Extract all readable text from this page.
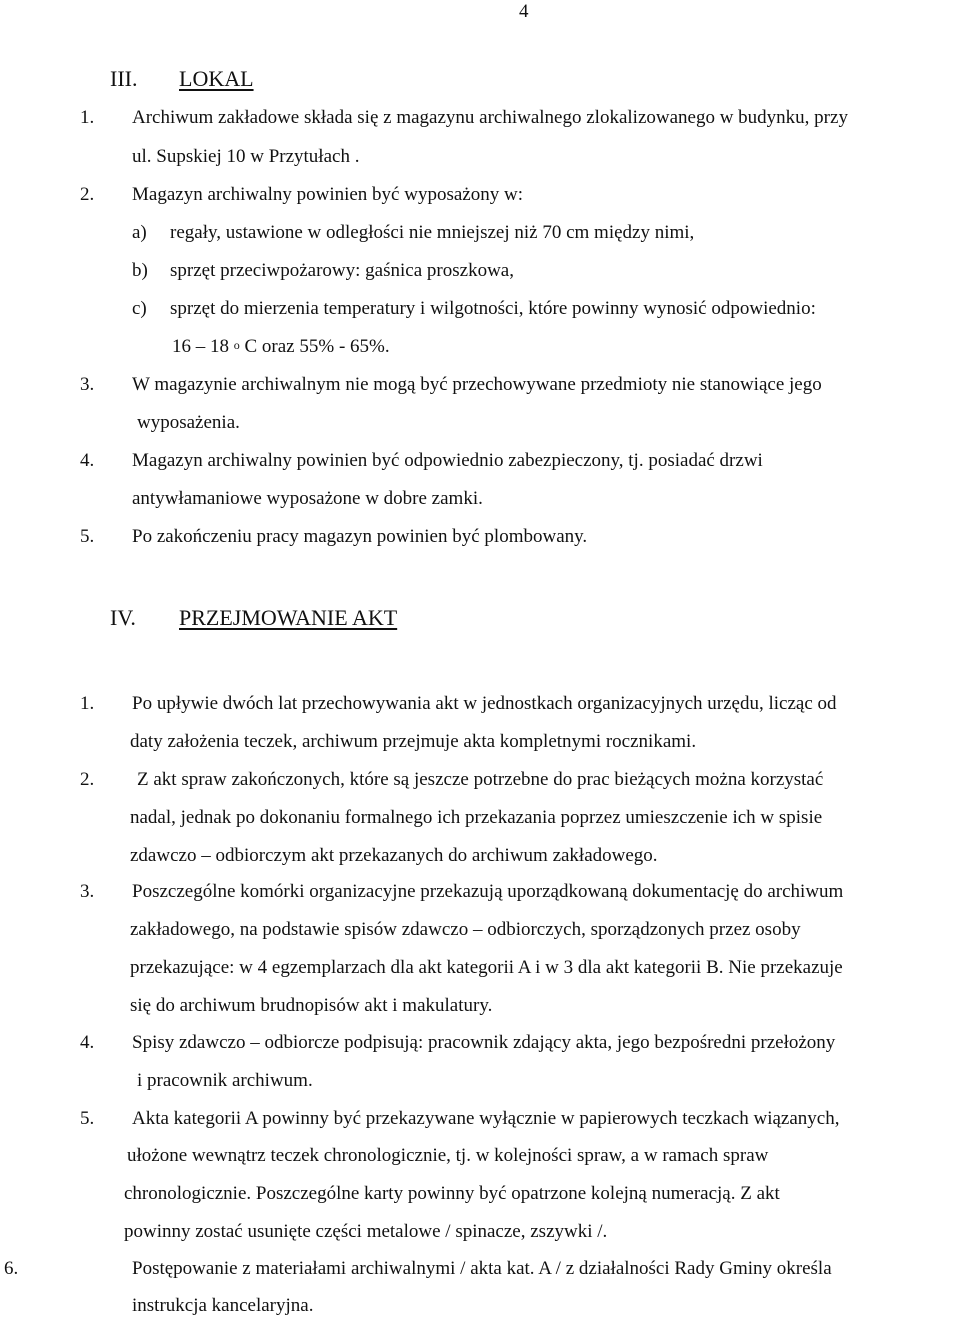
4
III. LOKAL
1. Archiwum zakładowe składa się z magazynu archiwalnego zlokalizowanego w budynku, przy
ul. Supskiej 10 w Przytułach .
2. Magazyn archiwalny powinien być wyposażony w:
a) regały, ustawione w odległości nie mniejszej niż 70 cm między nimi,
b) sprzęt przeciwpożarowy: gaśnica proszkowa,
c) sprzęt do mierzenia temperatury i wilgotności, które powinny wynosić odpowiednio:
16 – 18 $^o$ C oraz 55% - 65%.
3. W magazynie archiwalnym nie mogą być przechowywane przedmioty nie stanowiące jego
wyposażenia.
4. Magazyn archiwalny powinien być odpowiednio zabezpieczony, tj. posiadać drzwi
antywłamaniowe wyposażone w dobre zamki.
5. Po zakończeniu pracy magazyn powinien być plombowany.
IV. PRZEJMOWANIE AKT
1. Po upływie dwóch lat przechowywania akt w jednostkach organizacyjnych urzędu, licząc od
daty założenia teczek, archiwum przejmuje akta kompletnymi rocznikami.
2. Z akt spraw zakończonych, które są jeszcze potrzebne do prac bieżących można korzystać
nadal, jednak po dokonaniu formalnego ich przekazania poprzez umieszczenie ich w spisie
zdawczo – odbiorczym akt przekazanych do archiwum zakładowego.
3. Poszczególne komórki organizacyjne przekazują uporządkowaną dokumentację do archiwum
zakładowego, na podstawie spisów zdawczo – odbiorczych, sporządzonych przez osoby
przekazujące: w 4 egzemplarzach dla akt kategorii A i w 3 dla akt kategorii B. Nie przekazuje
się do archiwum brudnopisów akt i makulatury.
4. Spisy zdawczo – odbiorcze podpisują: pracownik zdający akta, jego bezpośredni przełożony
i pracownik archiwum.
5. Akta kategorii A powinny być przekazywane wyłącznie w papierowych teczkach wiązanych,
ułożone wewnątrz teczek chronologicznie, tj. w kolejności spraw, a w ramach spraw
chronologicznie. Poszczególne karty powinny być opatrzone kolejną numeracją. Z akt
powinny zostać usunięte części metalowe / spinacze, zszywki /.
6.	Postępowanie z materiałami archiwalnymi / akta kat. A / z działalności Rady Gminy określa
instrukcja kancelaryjna.
